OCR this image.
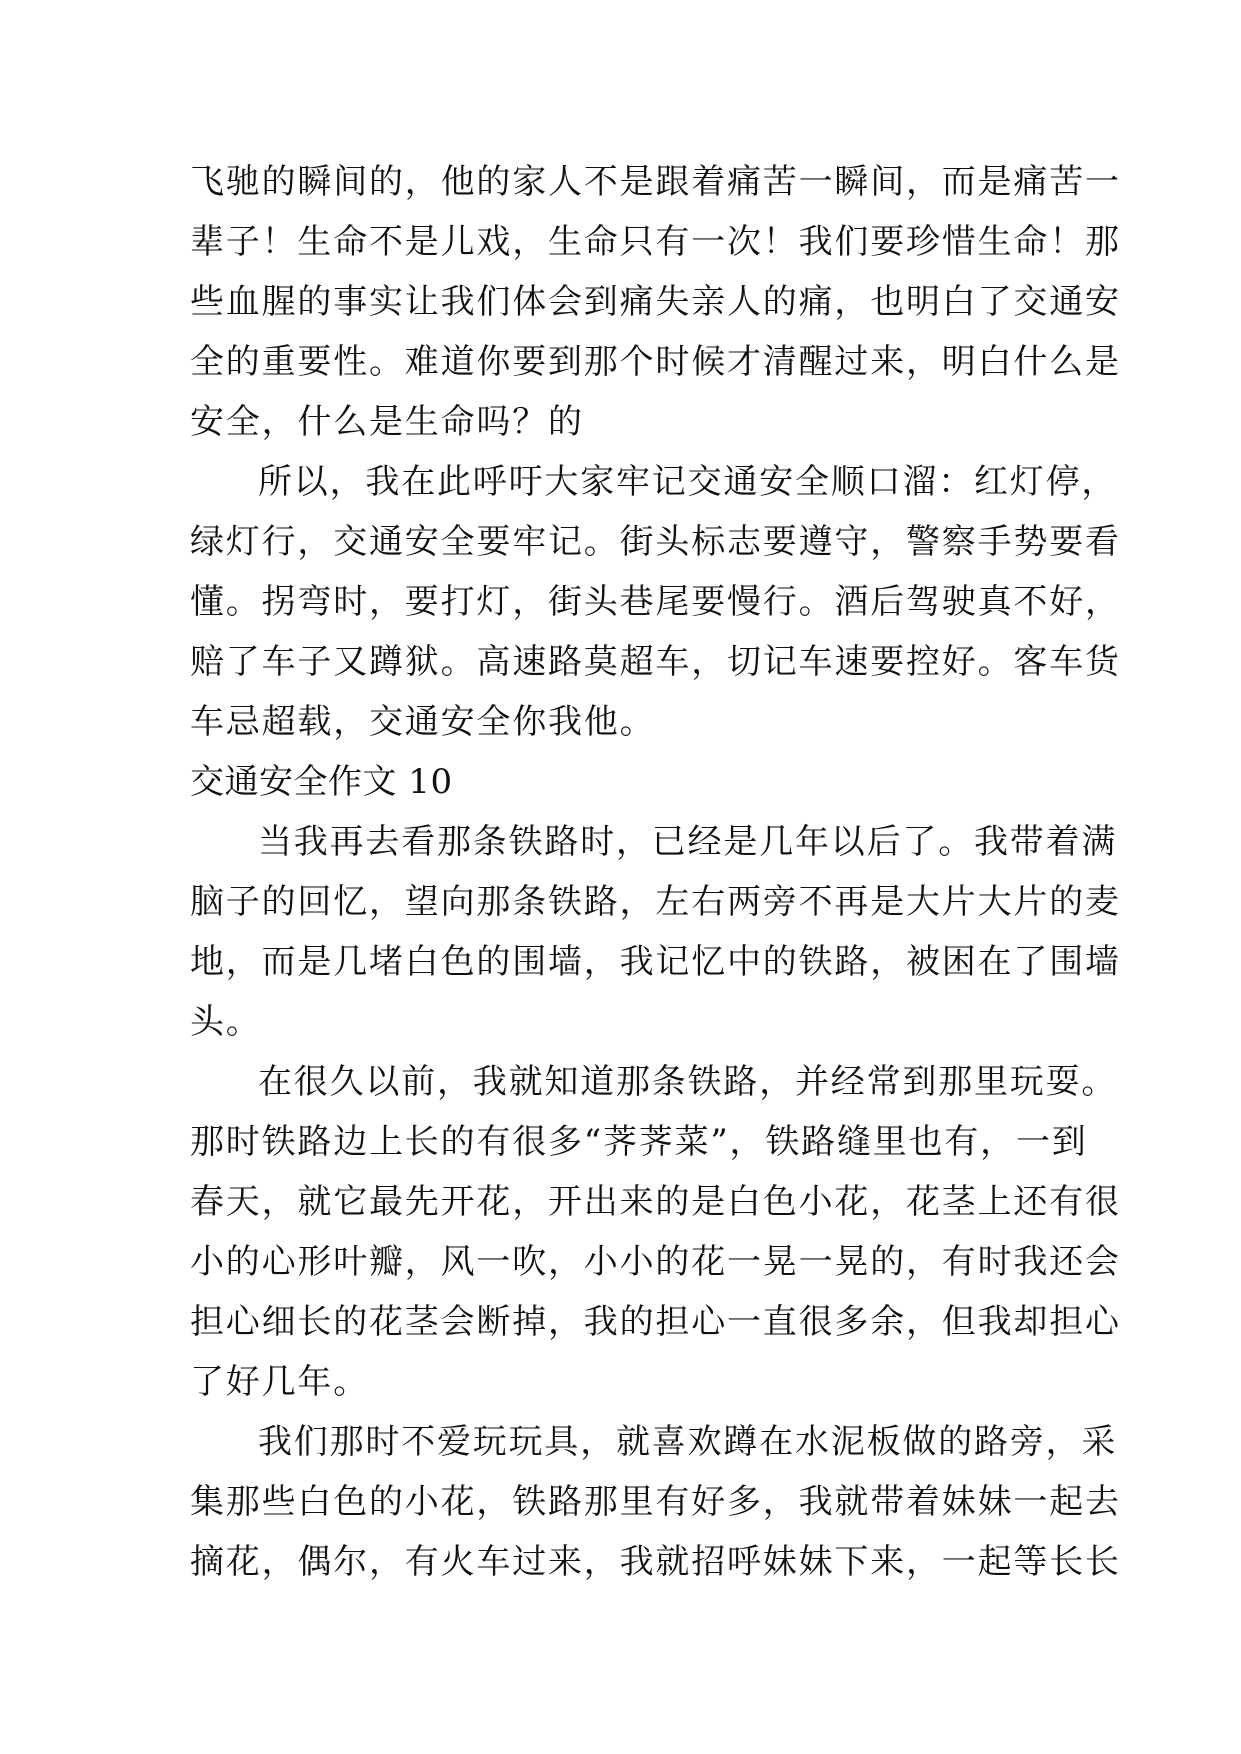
飞驰的瞬间的，他的家人不是跟着痛苦一瞬间，而是痛苦一
辈子！生命不是儿戏，生命只有一次！我们要珍惜生命！那
些血腥的事实让我们体会到痛失亲人的痛，也明白了交通安
全的重要性。难道你要到那个时候才清醒过来，明白什么是
安全，什么是生命吗？的
所以，我在此呼吁大家牢记交通安全顺口溜：红灯停，
绿灯行，交通安全要牢记。街头标志要遵守，警察手势要看
懂。拐弯时，要打灯，街头巷尾要慢行。酒后驾驶真不好，
赔了车子又蹲狱。高速路莫超车，切记车速要控好。客车货
车忌超载，交通安全你我他。
交通安全作文 10
当我再去看那条铁路时，已经是几年以后了。我带着满
脑子的回忆，望向那条铁路，左右两旁不再是大片大片的麦
地，而是几堵白色的围墙，我记忆中的铁路，被困在了围墙
头。
在很久以前，我就知道那条铁路，并经常到那里玩耍。
那时铁路边上长的有很多“荠荠菜”，铁路缝里也有，一到
春天，就它最先开花，开出来的是白色小花，花茎上还有很
小的心形叶瓣，风一吹，小小的花一晃一晃的，有时我还会
担心细长的花茎会断掉，我的担心一直很多余，但我却担心
了好几年。
我们那时不爱玩玩具，就喜欢蹲在水泥板做的路旁，采
集那些白色的小花，铁路那里有好多，我就带着妹妹一起去
摘花，偶尔，有火车过来，我就招呼妹妹下来，一起等长长
